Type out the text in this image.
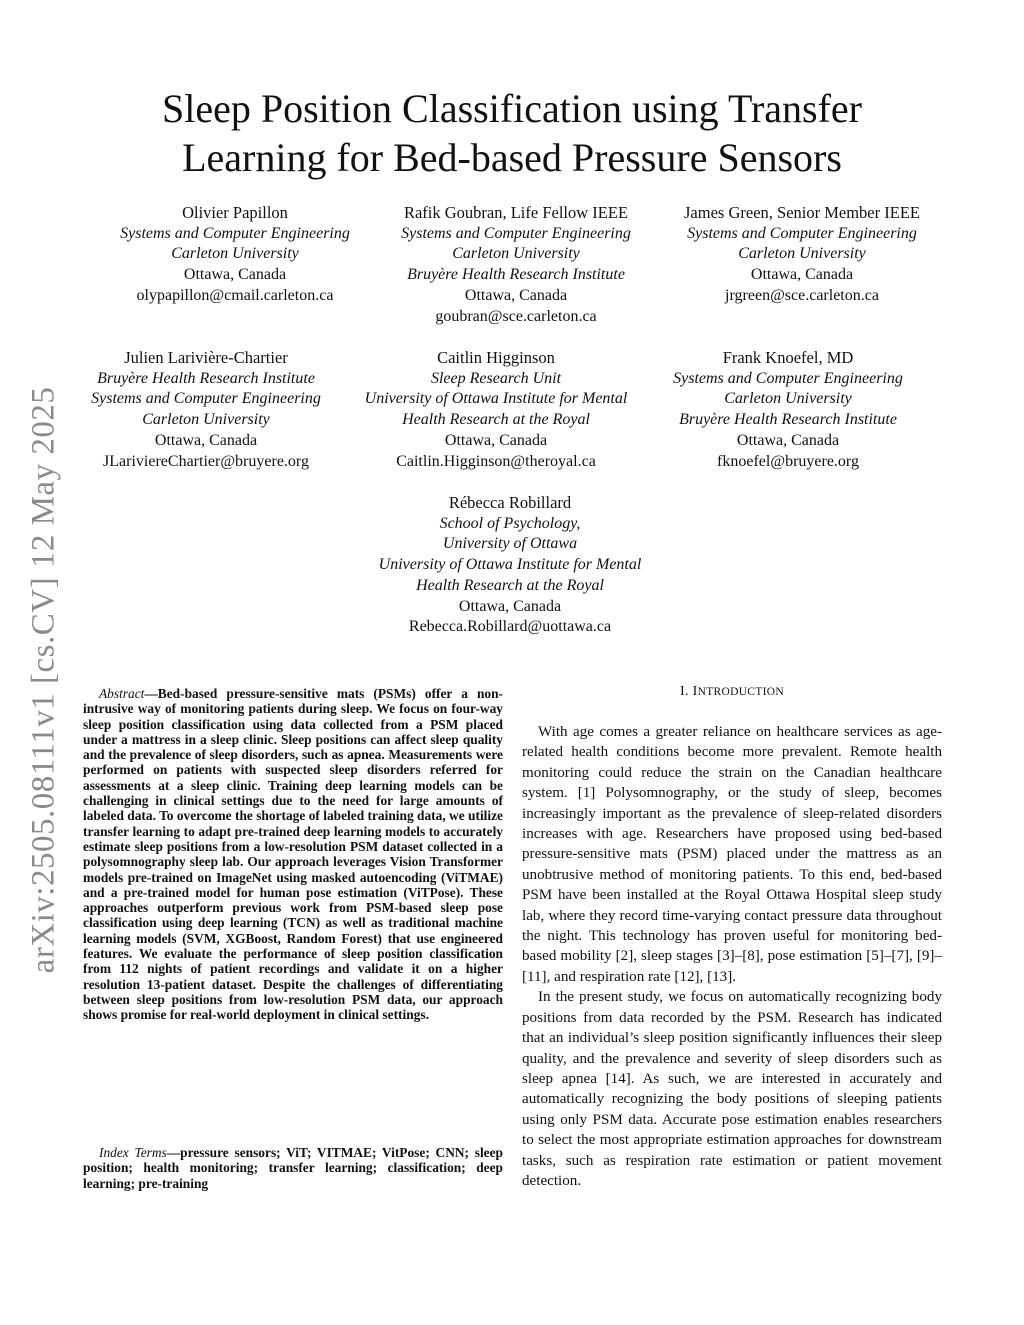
arXiv:2505.08111v1 [cs.CV] 12 May 2025
Sleep Position Classification using Transfer
Learning for Bed-based Pressure Sensors
Olivier Papillon
Systems and Computer Engineering
Carleton University
Ottawa, Canada
olypapillon@cmail.carleton.ca
Rafik Goubran, Life Fellow IEEE
Systems and Computer Engineering
Carleton University
Bruyère Health Research Institute
Ottawa, Canada
goubran@sce.carleton.ca
James Green, Senior Member IEEE
Systems and Computer Engineering
Carleton University
Ottawa, Canada
jrgreen@sce.carleton.ca
Julien Larivière-Chartier
Bruyère Health Research Institute
Systems and Computer Engineering
Carleton University
Ottawa, Canada
JLariviereChartier@bruyere.org
Caitlin Higginson
Sleep Research Unit
University of Ottawa Institute for Mental
Health Research at the Royal
Ottawa, Canada
Caitlin.Higginson@theroyal.ca
Frank Knoefel, MD
Systems and Computer Engineering
Carleton University
Bruyère Health Research Institute
Ottawa, Canada
fknoefel@bruyere.org
Rébecca Robillard
School of Psychology,
University of Ottawa
University of Ottawa Institute for Mental
Health Research at the Royal
Ottawa, Canada
Rebecca.Robillard@uottawa.ca
Abstract—Bed-based pressure-sensitive mats (PSMs) offer a non-intrusive way of monitoring patients during sleep. We focus on four-way sleep position classification using data collected from a PSM placed under a mattress in a sleep clinic. Sleep positions can affect sleep quality and the prevalence of sleep disorders, such as apnea. Measurements were performed on patients with suspected sleep disorders referred for assessments at a sleep clinic. Training deep learning models can be challenging in clinical settings due to the need for large amounts of labeled data. To overcome the shortage of labeled training data, we utilize transfer learning to adapt pre-trained deep learning models to accurately estimate sleep positions from a low-resolution PSM dataset collected in a polysomnography sleep lab. Our approach leverages Vision Transformer models pre-trained on ImageNet using masked autoencoding (ViTMAE) and a pre-trained model for human pose estimation (ViTPose). These approaches outperform previous work from PSM-based sleep pose classification using deep learning (TCN) as well as traditional machine learning models (SVM, XGBoost, Random Forest) that use engineered features. We evaluate the performance of sleep position classification from 112 nights of patient recordings and validate it on a higher resolution 13-patient dataset. Despite the challenges of differentiating between sleep positions from low-resolution PSM data, our approach shows promise for real-world deployment in clinical settings.
Index Terms—pressure sensors; ViT; VITMAE; VitPose; CNN; sleep position; health monitoring; transfer learning; classification; deep learning; pre-training
I. INTRODUCTION

With age comes a greater reliance on healthcare services as age-related health conditions become more prevalent. Remote health monitoring could reduce the strain on the Canadian healthcare system. [1] Polysomnography, or the study of sleep, becomes increasingly important as the prevalence of sleep-related disorders increases with age. Researchers have proposed using bed-based pressure-sensitive mats (PSM) placed under the mattress as an unobtrusive method of monitoring patients. To this end, bed-based PSM have been installed at the Royal Ottawa Hospital sleep study lab, where they record time-varying contact pressure data throughout the night. This technology has proven useful for monitoring bed-based mobility [2], sleep stages [3]–[8], pose estimation [5]–[7], [9]–[11], and respiration rate [12], [13].

In the present study, we focus on automatically recognizing body positions from data recorded by the PSM. Research has indicated that an individual’s sleep position significantly influences their sleep quality, and the prevalence and severity of sleep disorders such as sleep apnea [14]. As such, we are interested in accurately and automatically recognizing the body positions of sleeping patients using only PSM data. Accurate pose estimation enables researchers to select the most appropriate estimation approaches for downstream tasks, such as respiration rate estimation or patient movement detection.
